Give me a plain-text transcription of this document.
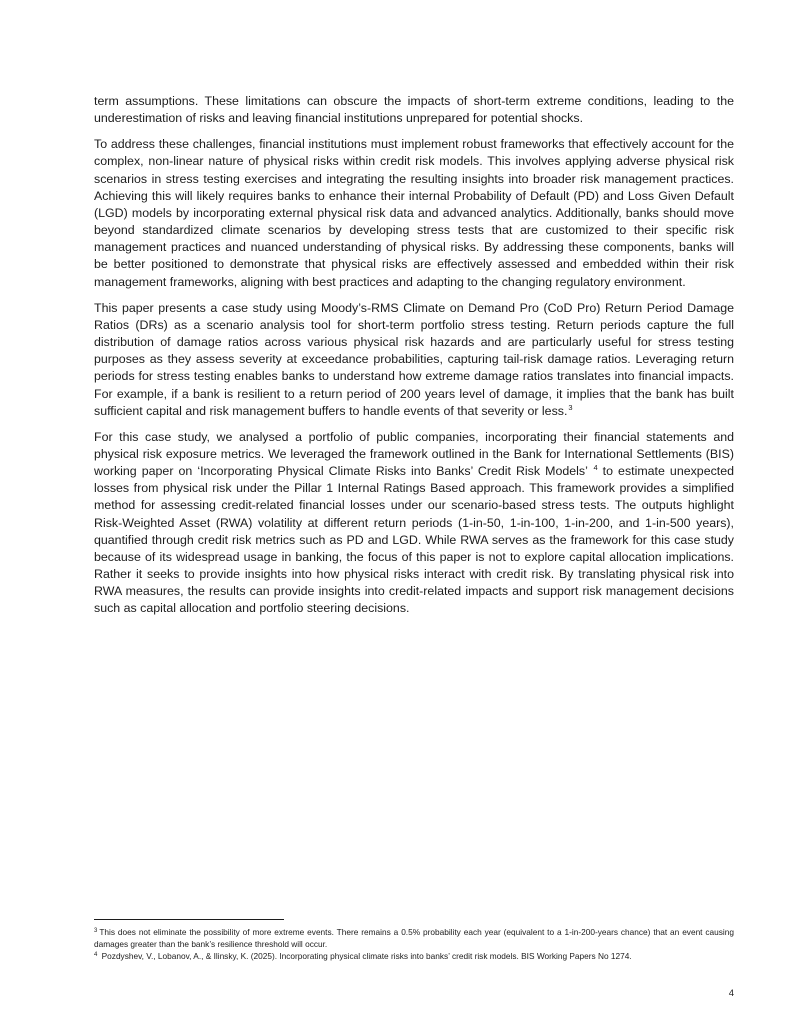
term assumptions. These limitations can obscure the impacts of short-term extreme conditions, leading to the underestimation of risks and leaving financial institutions unprepared for potential shocks.

To address these challenges, financial institutions must implement robust frameworks that effectively account for the complex, non-linear nature of physical risks within credit risk models. This involves applying adverse physical risk scenarios in stress testing exercises and integrating the resulting insights into broader risk management practices. Achieving this will likely requires banks to enhance their internal Probability of Default (PD) and Loss Given Default (LGD) models by incorporating external physical risk data and advanced analytics. Additionally, banks should move beyond standardized climate scenarios by developing stress tests that are customized to their specific risk management practices and nuanced understanding of physical risks. By addressing these components, banks will be better positioned to demonstrate that physical risks are effectively assessed and embedded within their risk management frameworks, aligning with best practices and adapting to the changing regulatory environment.

This paper presents a case study using Moody’s-RMS Climate on Demand Pro (CoD Pro) Return Period Damage Ratios (DRs) as a scenario analysis tool for short-term portfolio stress testing. Return periods capture the full distribution of damage ratios across various physical risk hazards and are particularly useful for stress testing purposes as they assess severity at exceedance probabilities, capturing tail-risk damage ratios. Leveraging return periods for stress testing enables banks to understand how extreme damage ratios translates into financial impacts. For example, if a bank is resilient to a return period of 200 years level of damage, it implies that the bank has built sufficient capital and risk management buffers to handle events of that severity or less.$^3$

For this case study, we analysed a portfolio of public companies, incorporating their financial statements and physical risk exposure metrics. We leveraged the framework outlined in the Bank for International Settlements (BIS) working paper on ‘Incorporating Physical Climate Risks into Banks’ Credit Risk Models’ $^4$ to estimate unexpected losses from physical risk under the Pillar 1 Internal Ratings Based approach. This framework provides a simplified method for assessing credit-related financial losses under our scenario-based stress tests. The outputs highlight Risk-Weighted Asset (RWA) volatility at different return periods (1-in-50, 1-in-100, 1-in-200, and 1-in-500 years), quantified through credit risk metrics such as PD and LGD. While RWA serves as the framework for this case study because of its widespread usage in banking, the focus of this paper is not to explore capital allocation implications. Rather it seeks to provide insights into how physical risks interact with credit risk. By translating physical risk into RWA measures, the results can provide insights into credit-related impacts and support risk management decisions such as capital allocation and portfolio steering decisions.

$^3$ This does not eliminate the possibility of more extreme events. There remains a 0.5% probability each year (equivalent to a 1-in-200-years chance) that an event causing damages greater than the bank’s resilience threshold will occur.

$^4$ Pozdyshev, V., Lobanov, A., & Ilinsky, K. (2025). Incorporating physical climate risks into banks’ credit risk models. BIS Working Papers No 1274.

4
